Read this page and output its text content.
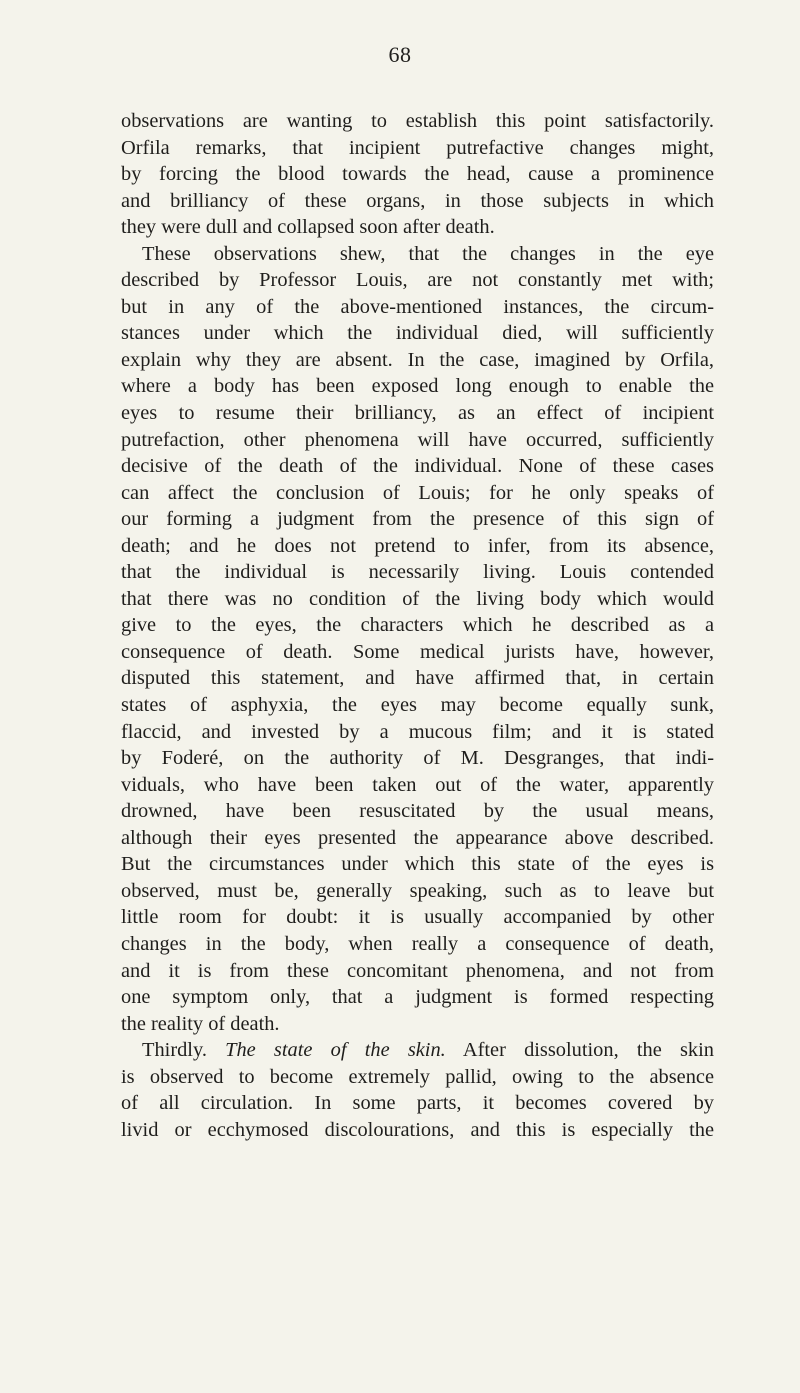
68

observations are wanting to establish this point satisfactorily.
Orfila remarks, that incipient putrefactive changes might,
by forcing the blood towards the head, cause a prominence
and brilliancy of these organs, in those subjects in which
they were dull and collapsed soon after death.

These observations shew, that the changes in the eye
described by Professor Louis, are not constantly met with;
but in any of the above-mentioned instances, the circum-
stances under which the individual died, will sufficiently
explain why they are absent. In the case, imagined by Orfila,
where a body has been exposed long enough to enable the
eyes to resume their brilliancy, as an effect of incipient
putrefaction, other phenomena will have occurred, sufficiently
decisive of the death of the individual. None of these cases
can affect the conclusion of Louis; for he only speaks of
our forming a judgment from the presence of this sign of
death; and he does not pretend to infer, from its absence,
that the individual is necessarily living. Louis contended
that there was no condition of the living body which would
give to the eyes, the characters which he described as a
consequence of death. Some medical jurists have, however,
disputed this statement, and have affirmed that, in certain
states of asphyxia, the eyes may become equally sunk,
flaccid, and invested by a mucous film; and it is stated
by Foderé, on the authority of M. Desgranges, that indi-
viduals, who have been taken out of the water, apparently
drowned, have been resuscitated by the usual means,
although their eyes presented the appearance above described.
But the circumstances under which this state of the eyes is
observed, must be, generally speaking, such as to leave but
little room for doubt: it is usually accompanied by other
changes in the body, when really a consequence of death,
and it is from these concomitant phenomena, and not from
one symptom only, that a judgment is formed respecting
the reality of death.

Thirdly. The state of the skin. After dissolution, the skin
is observed to become extremely pallid, owing to the absence
of all circulation. In some parts, it becomes covered by
livid or ecchymosed discolourations, and this is especially the
